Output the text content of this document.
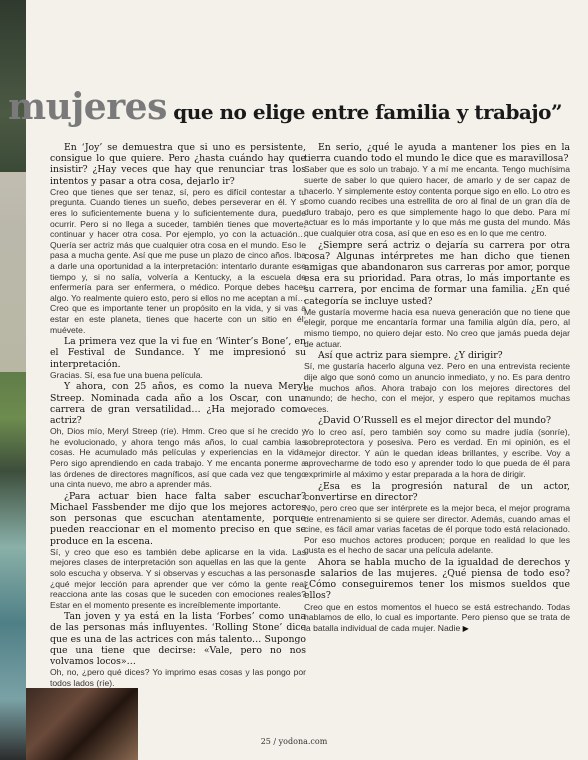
mujeres que no elige entre familia y trabajo”

En ‘Joy’ se demuestra que si uno es persistente, consigue lo que quiere. Pero ¿hasta cuándo hay que insistir? ¿Hay veces que hay que renunciar tras los intentos y pasar a otra cosa, dejarlo ir?

Creo que tienes que ser tenaz, sí, pero es difícil contestar a tu pregunta. Cuando tienes un sueño, debes perseverar en él. Y si eres lo suficientemente buena y lo suficientemente dura, puede ocurrir. Pero si no llega a suceder, también tienes que moverte, continuar y hacer otra cosa. Por ejemplo, yo con la actuación… Quería ser actriz más que cualquier otra cosa en el mundo. Eso le pasa a mucha gente. Así que me puse un plazo de cinco años. Iba a darle una oportunidad a la interpretación: intentarlo durante ese tiempo y, si no salía, volvería a Kentucky, a la escuela de enfermería para ser enfermera, o médico. Porque debes hacer algo. Yo realmente quiero esto, pero si ellos no me aceptan a mí… Creo que es importante tener un propósito en la vida, y si vas a estar en este planeta, tienes que hacerte con un sitio en él; muévete.

La primera vez que la vi fue en ‘Winter’s Bone’, en el Festival de Sundance. Y me impresionó su interpretación.

Gracias. Sí, esa fue una buena película.

Y ahora, con 25 años, es como la nueva Meryl Streep. Nominada cada año a los Oscar, con una carrera de gran versatilidad… ¿Ha mejorado como actriz?

Oh, Dios mío, Meryl Streep (ríe). Hmm. Creo que sí he crecido y he evolucionado, y ahora tengo más años, lo cual cambia las cosas. He acumulado más películas y experiencias en la vida. Pero sigo aprendiendo en cada trabajo. Y me encanta ponerme a las órdenes de directores magníficos, así que cada vez que tengo una cinta nuevo, me abro a aprender más.

¿Para actuar bien hace falta saber escuchar? Michael Fassbender me dijo que los mejores actores son personas que escuchan atentamente, porque pueden reaccionar en el momento preciso en que se produce en la escena.

Sí, y creo que eso es también debe aplicarse en la vida. Las mejores clases de interpretación son aquellas en las que la gente solo escucha y observa. Y si observas y escuchas a las personas, ¿qué mejor lección para aprender que ver cómo la gente real reacciona ante las cosas que le suceden con emociones reales? Estar en el momento presente es increíblemente importante.

Tan joven y ya está en la lista ‘Forbes’ como una de las personas más influyentes. ‘Rolling Stone’ dice que es una de las actrices con más talento… Supongo que una tiene que decirse: «Vale, pero no nos volvamos locos»…

Oh, no, ¿pero qué dices? Yo imprimo esas cosas y las pongo por todos lados (ríe).

En serio, ¿qué le ayuda a mantener los pies en la tierra cuando todo el mundo le dice que es maravillosa?

Saber que es solo un trabajo. Y a mí me encanta. Tengo muchísima suerte de saber lo que quiero hacer, de amarlo y de ser capaz de hacerlo. Y simplemente estoy contenta porque sigo en ello. Lo otro es como cuando recibes una estrellita de oro al final de un gran día de duro trabajo, pero es que simplemente hago lo que debo. Para mí actuar es lo más importante y lo que más me gusta del mundo. Más que cualquier otra cosa, así que en eso es en lo que me centro.

¿Siempre será actriz o dejaría su carrera por otra cosa? Algunas intérpretes me han dicho que tienen amigas que abandonaron sus carreras por amor, porque esa era su prioridad. Para otras, lo más importante es su carrera, por encima de formar una familia. ¿En qué categoría se incluye usted?

Me gustaría moverme hacia esa nueva generación que no tiene que elegir, porque me encantaría formar una familia algún día, pero, al mismo tiempo, no quiero dejar esto. No creo que jamás pueda dejar de actuar.

Así que actriz para siempre. ¿Y dirigir?

Sí, me gustaría hacerlo alguna vez. Pero en una entrevista reciente dije algo que sonó como un anuncio inmediato, y no. Es para dentro de muchos años. Ahora trabajo con los mejores directores del mundo; de hecho, con el mejor, y espero que repitamos muchas veces.

¿David O’Russell es el mejor director del mundo?

Yo lo creo así, pero también soy como su madre judía (sonríe), sobreprotectora y posesiva. Pero es verdad. En mi opinión, es el mejor director. Y aún le quedan ideas brillantes, y escribe. Voy a aprovecharme de todo eso y aprender todo lo que pueda de él para exprimirle al máximo y estar preparada a la hora de dirigir.

¿Esa es la progresión natural de un actor, convertirse en director?

No, pero creo que ser intérprete es la mejor beca, el mejor programa de entrenamiento si se quiere ser director. Además, cuando amas el cine, es fácil amar varias facetas de él porque todo está relacionado. Por eso muchos actores producen; porque en realidad lo que les gusta es el hecho de sacar una película adelante.

Ahora se habla mucho de la igualdad de derechos y de salarios de las mujeres. ¿Qué piensa de todo eso? ¿Cómo conseguiremos tener los mismos sueldos que ellos?

Creo que en estos momentos el hueco se está estrechando. Todas hablamos de ello, lo cual es importante. Pero pienso que se trata de la batalla individual de cada mujer. Nadie ▶

25 / yodona.com
